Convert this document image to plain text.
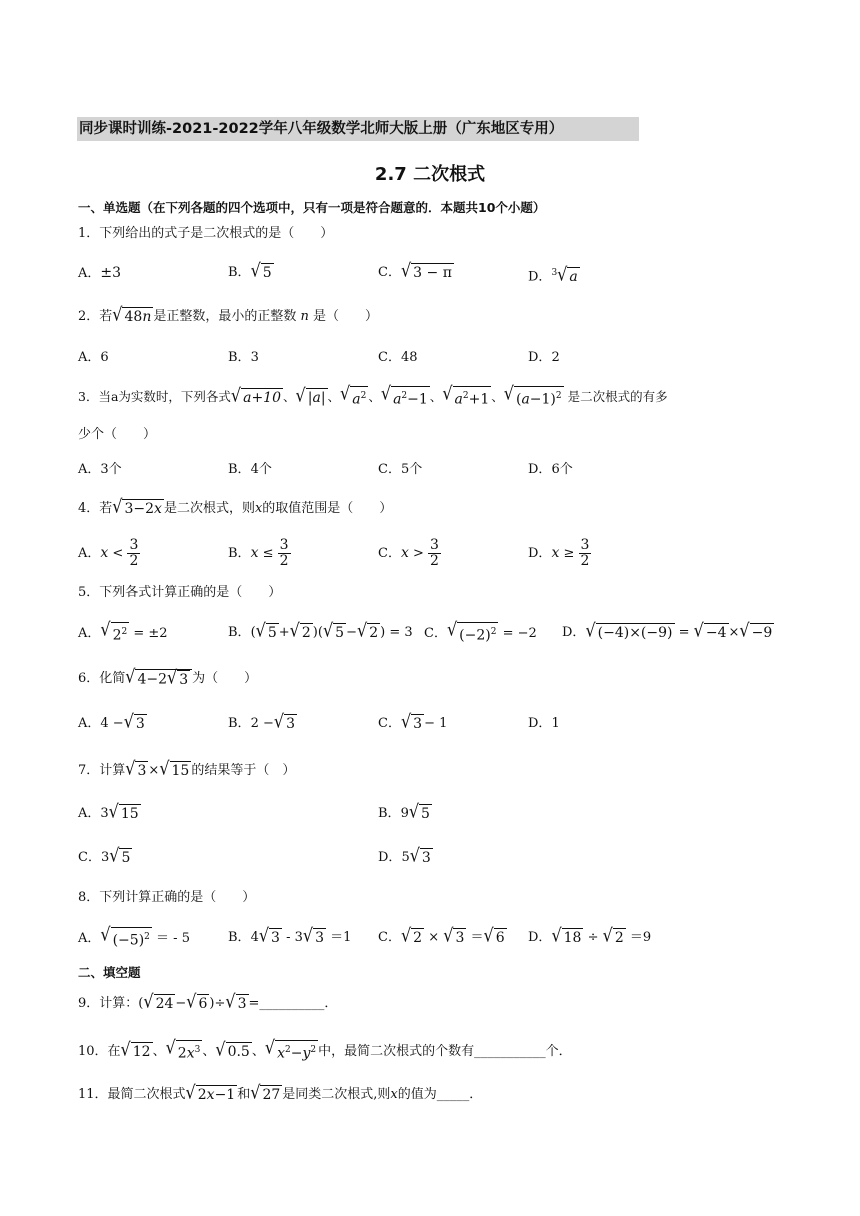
同步课时训练-2021-2022学年八年级数学北师大版上册（广东地区专用）
2.7 二次根式
一、单选题（在下列各题的四个选项中，只有一项是符合题意的．本题共10个小题）
1．下列给出的式子是二次根式的是（　　）
A．±3	B． √ 5	C． √ 3 − π	D．$^3$ √ a
2．若 √ 48n 是正整数，最小的正整数 n 是（　　）
A．6	B．3	C．48	D．2
3．当a为实数时，下列各式 √ a+10 、 √ |a| 、 √ $a^2$ 、 √ $a^2-1$ 、 √ $a^2+1$ 、 √ $(a-1)^2$ 是二次根式的有多
少个（　　）
A．3个	B．4个	C．5个	D．6个
4．若 √ 3−2x 是二次根式，则x的取值范围是（　　）
A．$x < \frac{3}{2}$	B．$x \le \frac{3}{2}$	C．$x > \frac{3}{2}$	D．$x \ge \frac{3}{2}$
5．下列各式计算正确的是（　　）
A． √ $2^2 = \pm 2$	B．( √ 5 + √ 2 )( √ 5 − √ 2 ) = 3 C． √ $(-2)^2 = -2$ D． √ (−4)×(−9) = √ −4 × √ −9
6．化简 √ 4−2 √ 3 为（　　）
A．4 − √ 3	B．2 − √ 3	C． √ 3 − 1	D．1
7．计算 √ 3 × √ 15 的结果等于（　）
A．3 √ 15	B．9 √ 5
C．3 √ 5	D．5 √ 3
8．下列计算正确的是（　　）
A． √ $(-5)^2$ ＝ - 5	B．4 √ 3 - 3 √ 3 ＝1 C． √ 2 × √ 3 ＝ √ 6 D． √ 18 ÷ √ 2 ＝9
二、填空题
9．计算：( √ 24 − √ 6 )÷ √ 3 =__________．
10．在 √ 12 、 √ $2x^3$ 、 √ 0.5 、 √ $x^2-y^2$ 中，最简二次根式的个数有___________个．
11．最简二次根式 √ 2x−1 和 √ 27 是同类二次根式,则x的值为_____．
